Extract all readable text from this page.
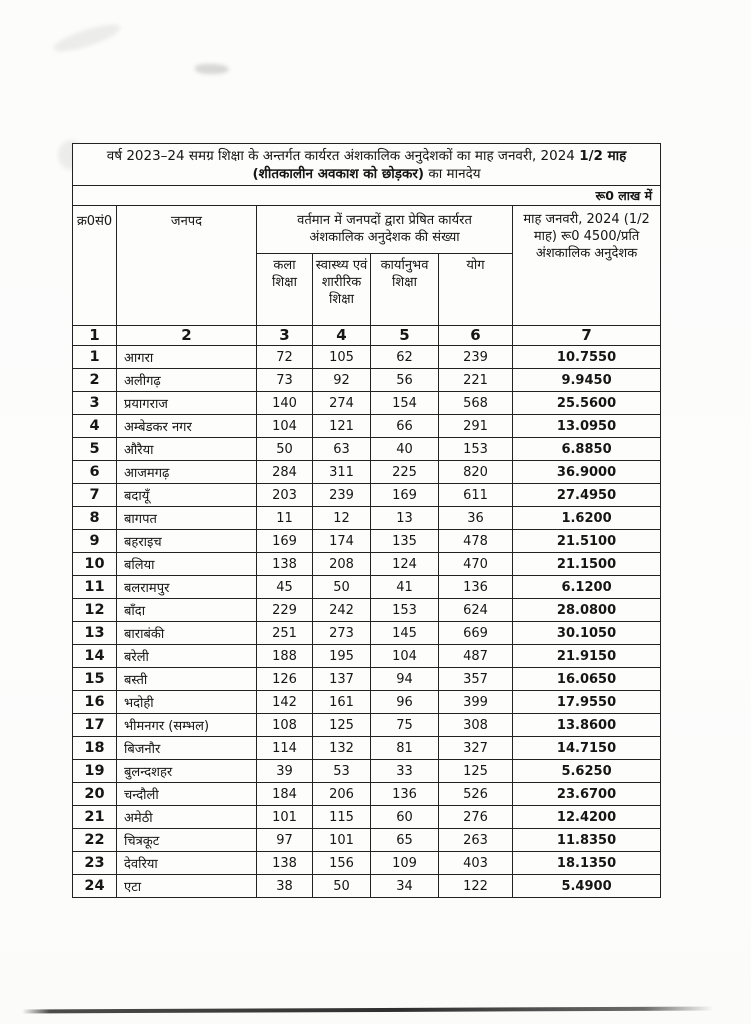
वर्ष 2023–24 समग्र शिक्षा के अन्तर्गत कार्यरत अंशकालिक अनुदेशकों का माह जनवरी, 2024 1/2 माह
(शीतकालीन अवकाश को छोड़कर) का मानदेय						
रू0 लाख में						
क्र0सं0	जनपद	वर्तमान में जनपदों द्वारा प्रेषित कार्यरत अंशकालिक अनुदेशक की संख्या				माह जनवरी, 2024 (1/2 माह) रू0 4500/प्रति अंशकालिक अनुदेशक
		कला शिक्षा	स्वास्थ्य एवं शारीरिक शिक्षा	कार्यानुभव शिक्षा	योग	
1	2	3	4	5	6	7
1	आगरा	72	105	62	239	10.7550
2	अलीगढ़	73	92	56	221	9.9450
3	प्रयागराज	140	274	154	568	25.5600
4	अम्बेडकर नगर	104	121	66	291	13.0950
5	औरैया	50	63	40	153	6.8850
6	आजमगढ़	284	311	225	820	36.9000
7	बदायूँ	203	239	169	611	27.4950
8	बागपत	11	12	13	36	1.6200
9	बहराइच	169	174	135	478	21.5100
10	बलिया	138	208	124	470	21.1500
11	बलरामपुर	45	50	41	136	6.1200
12	बाँदा	229	242	153	624	28.0800
13	बाराबंकी	251	273	145	669	30.1050
14	बरेली	188	195	104	487	21.9150
15	बस्ती	126	137	94	357	16.0650
16	भदोही	142	161	96	399	17.9550
17	भीमनगर (सम्भल)	108	125	75	308	13.8600
18	बिजनौर	114	132	81	327	14.7150
19	बुलन्दशहर	39	53	33	125	5.6250
20	चन्दौली	184	206	136	526	23.6700
21	अमेठी	101	115	60	276	12.4200
22	चित्रकूट	97	101	65	263	11.8350
23	देवरिया	138	156	109	403	18.1350
24	एटा	38	50	34	122	5.4900
